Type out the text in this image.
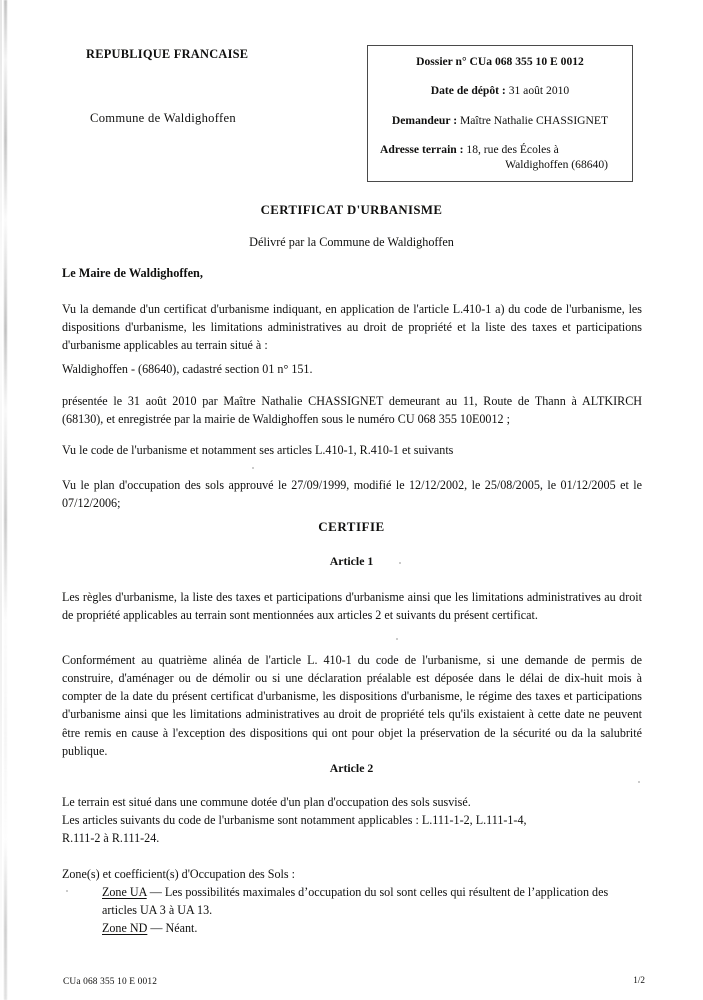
REPUBLIQUE FRANCAISE
Commune de Waldighoffen
Dossier n° CUa 068 355 10 E 0012
Date de dépôt : 31 août 2010
Demandeur : Maître Nathalie CHASSIGNET
Adresse terrain : 18, rue des Écoles à
Waldighoffen (68640)
CERTIFICAT D'URBANISME
Délivré par la Commune de Waldighoffen
Le Maire de Waldighoffen,
Vu la demande d'un certificat d'urbanisme indiquant, en application de l'article L.410-1 a) du code de l'urbanisme, les dispositions d'urbanisme, les limitations administratives au droit de propriété et la liste des taxes et participations d'urbanisme applicables au terrain situé à :
Waldighoffen - (68640), cadastré section 01 n° 151.
présentée le 31 août 2010 par Maître Nathalie CHASSIGNET demeurant au 11, Route de Thann à ALTKIRCH (68130), et enregistrée par la mairie de Waldighoffen sous le numéro CU 068 355 10E0012 ;
Vu le code de l'urbanisme et notamment ses articles L.410-1, R.410-1 et suivants
Vu le plan d'occupation des sols approuvé le 27/09/1999, modifié le 12/12/2002, le 25/08/2005, le 01/12/2005 et le 07/12/2006;
CERTIFIE
Article 1
Les règles d'urbanisme, la liste des taxes et participations d'urbanisme ainsi que les limitations administratives au droit de propriété applicables au terrain sont mentionnées aux articles 2 et suivants du présent certificat.
Conformément au quatrième alinéa de l'article L. 410-1 du code de l'urbanisme, si une demande de permis de construire, d'aménager ou de démolir ou si une déclaration préalable est déposée dans le délai de dix-huit mois à compter de la date du présent certificat d'urbanisme, les dispositions d'urbanisme, le régime des taxes et participations d'urbanisme ainsi que les limitations administratives au droit de propriété tels qu'ils existaient à cette date ne peuvent être remis en cause à l'exception des dispositions qui ont pour objet la préservation de la sécurité ou da la salubrité publique.
Article 2
Le terrain est situé dans une commune dotée d'un plan d'occupation des sols susvisé.
Les articles suivants du code de l'urbanisme sont notamment applicables : L.111-1-2, L.111-1-4,
R.111-2 à R.111-24.
Zone(s) et coefficient(s) d'Occupation des Sols :
Zone UA — Les possibilités maximales d’occupation du sol sont celles qui résultent de l’application des articles UA 3 à UA 13.
Zone ND — Néant.
CUa 068 355 10 E 0012	1/2
